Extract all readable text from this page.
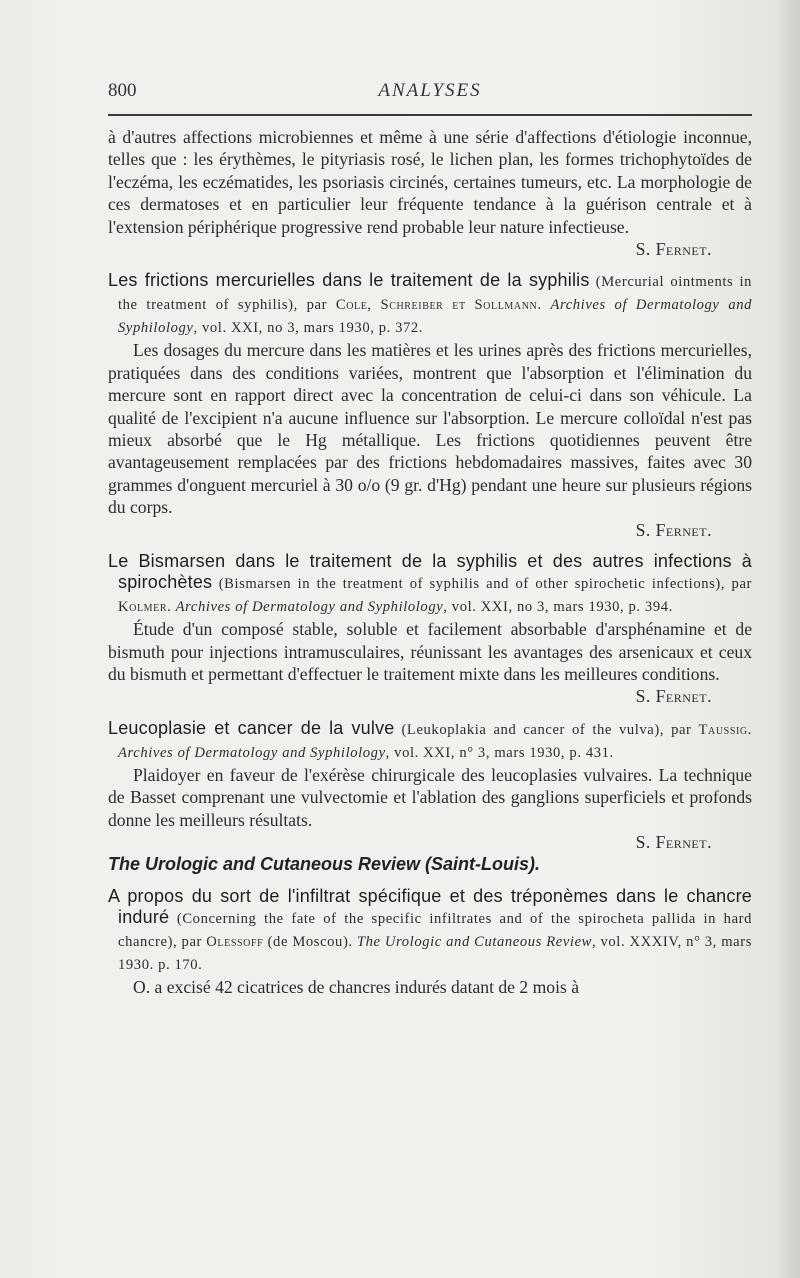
800	ANALYSES

à d'autres affections microbiennes et même à une série d'affections d'étiologie inconnue, telles que : les érythèmes, le pityriasis rosé, le lichen plan, les formes trichophytoïdes de l'eczéma, les eczématides, les psoriasis circinés, certaines tumeurs, etc. La morphologie de ces dermatoses et en particulier leur fréquente tendance à la guérison centrale et à l'extension périphérique progressive rend probable leur nature infectieuse.

S. Fernet.

Les frictions mercurielles dans le traitement de la syphilis (Mercurial ointments in the treatment of syphilis), par Cole, Schreiber et Sollmann. Archives of Dermatology and Syphilology, vol. XXI, no 3, mars 1930, p. 372.

Les dosages du mercure dans les matières et les urines après des frictions mercurielles, pratiquées dans des conditions variées, montrent que l'absorption et l'élimination du mercure sont en rapport direct avec la concentration de celui-ci dans son véhicule. La qualité de l'excipient n'a aucune influence sur l'absorption. Le mercure colloïdal n'est pas mieux absorbé que le Hg métallique. Les frictions quotidiennes peuvent être avantageusement remplacées par des frictions hebdomadaires massives, faites avec 30 grammes d'onguent mercuriel à 30 o/o (9 gr. d'Hg) pendant une heure sur plusieurs régions du corps.

S. Fernet.

Le Bismarsen dans le traitement de la syphilis et des autres infections à spirochètes (Bismarsen in the treatment of syphilis and of other spirochetic infections), par Kolmer. Archives of Dermatology and Syphilology, vol. XXI, no 3, mars 1930, p. 394.

Étude d'un composé stable, soluble et facilement absorbable d'arsphénamine et de bismuth pour injections intramusculaires, réunissant les avantages des arsenicaux et ceux du bismuth et permettant d'effectuer le traitement mixte dans les meilleures conditions.

S. Fernet.

Leucoplasie et cancer de la vulve (Leukoplakia and cancer of the vulva), par Taussig. Archives of Dermatology and Syphilology, vol. XXI, n° 3, mars 1930, p. 431.

Plaidoyer en faveur de l'exérèse chirurgicale des leucoplasies vulvaires. La technique de Basset comprenant une vulvectomie et l'ablation des ganglions superficiels et profonds donne les meilleurs résultats.

S. Fernet.

The Urologic and Cutaneous Review (Saint-Louis).

A propos du sort de l'infiltrat spécifique et des tréponèmes dans le chancre induré (Concerning the fate of the specific infiltrates and of the spirocheta pallida in hard chancre), par Olessoff (de Moscou). The Urologic and Cutaneous Review, vol. XXXIV, n° 3, mars 1930. p. 170.

O. a excisé 42 cicatrices de chancres indurés datant de 2 mois à
